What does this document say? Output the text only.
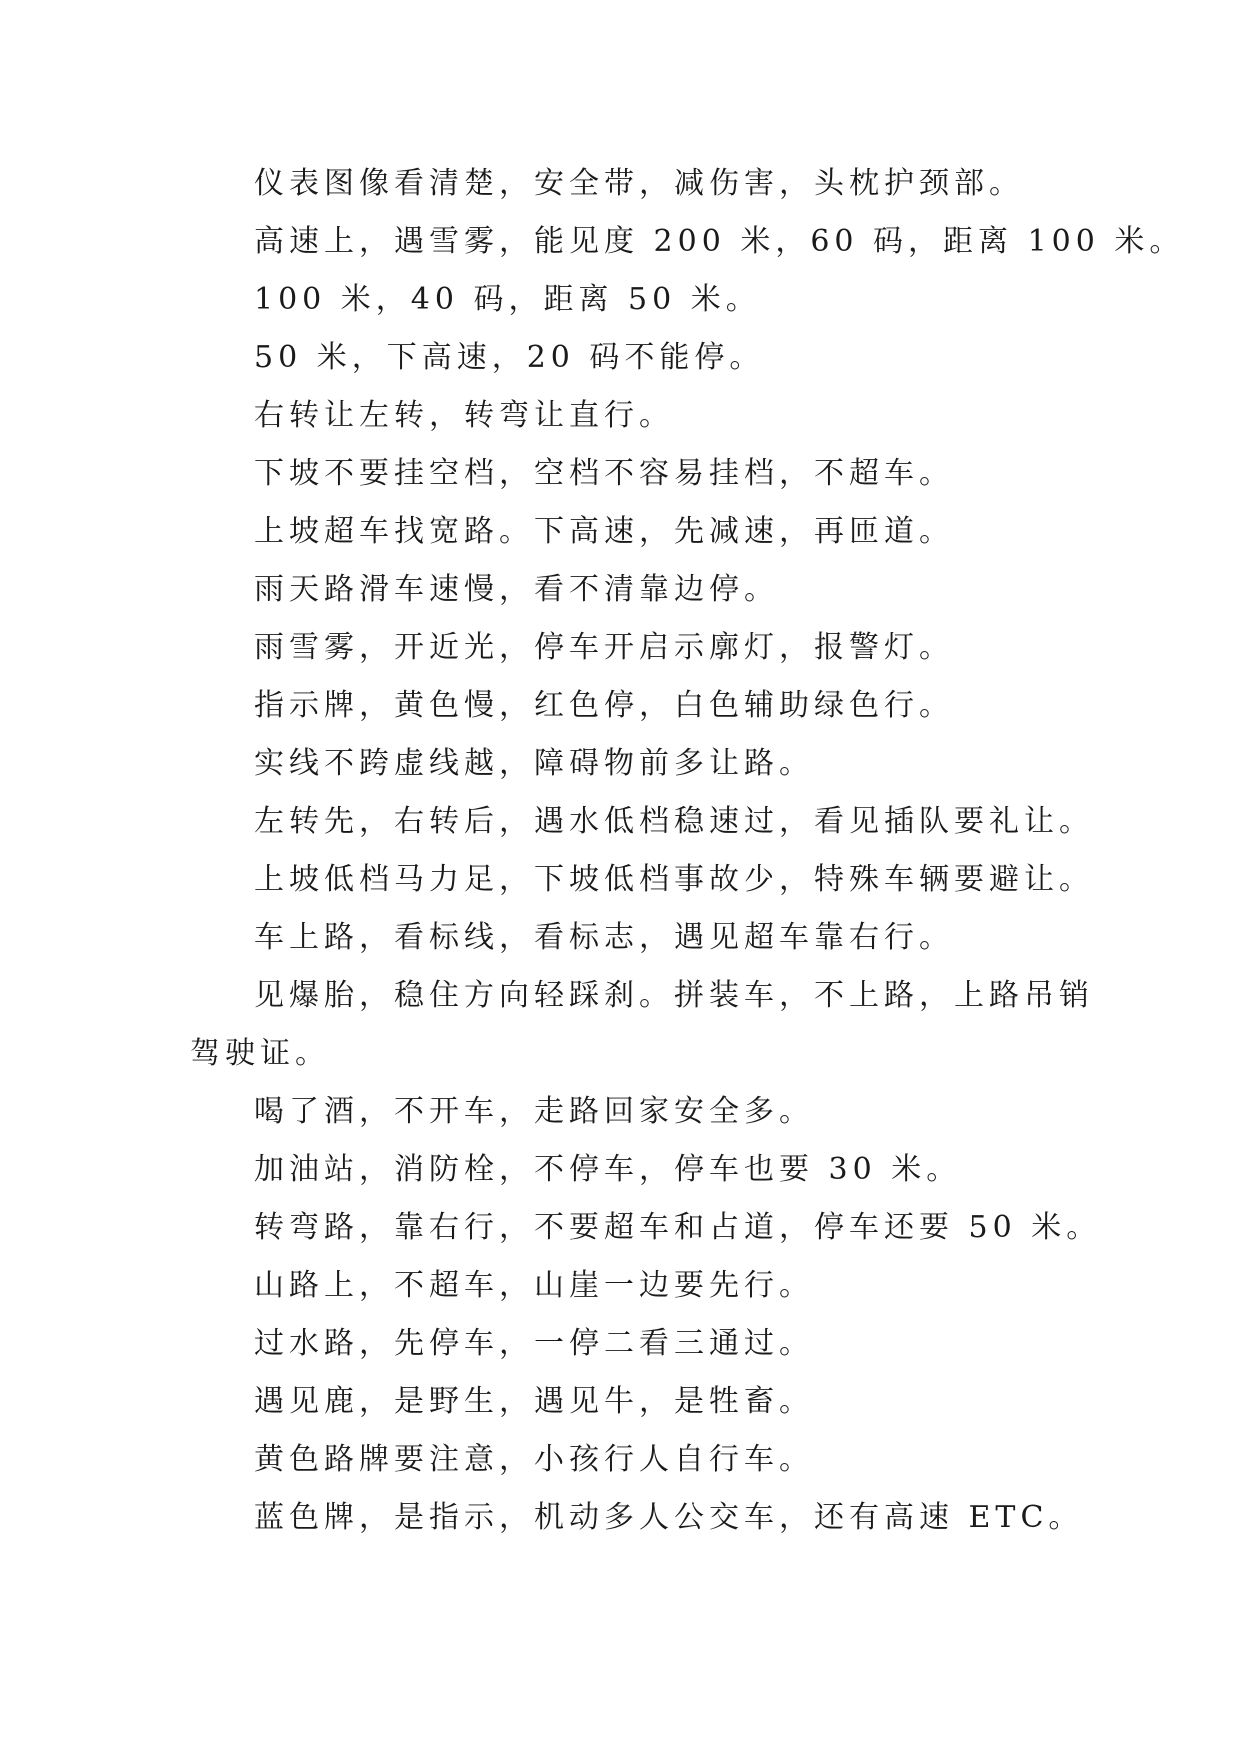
仪表图像看清楚，安全带，减伤害，头枕护颈部。

高速上，遇雪雾，能见度 200 米，60 码，距离 100 米。

100 米，40 码，距离 50 米。

50 米，下高速，20 码不能停。

右转让左转，转弯让直行。

下坡不要挂空档，空档不容易挂档，不超车。

上坡超车找宽路。下高速，先减速，再匝道。

雨天路滑车速慢，看不清靠边停。

雨雪雾，开近光，停车开启示廓灯，报警灯。

指示牌，黄色慢，红色停，白色辅助绿色行。

实线不跨虚线越，障碍物前多让路。

左转先，右转后，遇水低档稳速过，看见插队要礼让。

上坡低档马力足，下坡低档事故少，特殊车辆要避让。

车上路，看标线，看标志，遇见超车靠右行。

见爆胎，稳住方向轻踩刹。拼装车，不上路，上路吊销

驾驶证。

喝了酒，不开车，走路回家安全多。

加油站，消防栓，不停车，停车也要 30 米。

转弯路，靠右行，不要超车和占道，停车还要 50 米。

山路上，不超车，山崖一边要先行。

过水路，先停车，一停二看三通过。

遇见鹿，是野生，遇见牛，是牲畜。

黄色路牌要注意，小孩行人自行车。

蓝色牌，是指示，机动多人公交车，还有高速 ETC。
